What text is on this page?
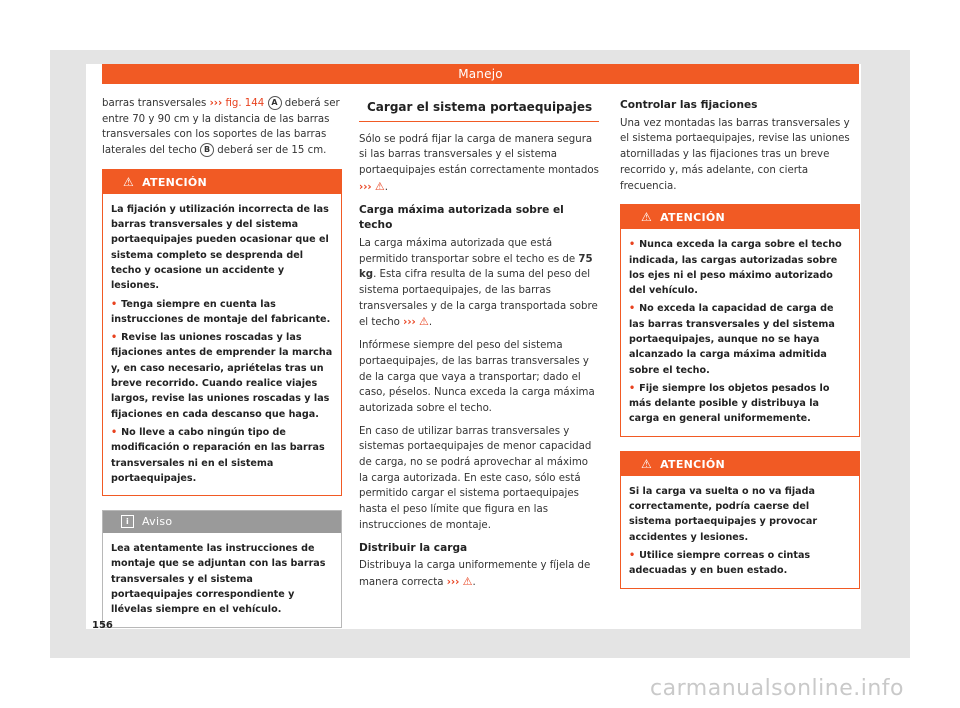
Manejo

barras transversales ››› fig. 144 A deberá ser entre 70 y 90 cm y la distancia de las barras transversales con los soportes de las barras laterales del techo B deberá ser de 15 cm.

⚠ ATENCIÓN

La fijación y utilización incorrecta de las barras transversales y del sistema portaequipajes pueden ocasionar que el sistema completo se desprenda del techo y ocasione un accidente y lesiones.

• Tenga siempre en cuenta las instrucciones de montaje del fabricante.

• Revise las uniones roscadas y las fijaciones antes de emprender la marcha y, en caso necesario, apriételas tras un breve recorrido. Cuando realice viajes largos, revise las uniones roscadas y las fijaciones en cada descanso que haga.

• No lleve a cabo ningún tipo de modificación o reparación en las barras transversales ni en el sistema portaequipajes.

i Aviso

Lea atentamente las instrucciones de montaje que se adjuntan con las barras transversales y el sistema portaequipajes correspondiente y llévelas siempre en el vehículo.

Cargar el sistema portaequipajes

Sólo se podrá fijar la carga de manera segura si las barras transversales y el sistema portaequipajes están correctamente montados ››› ⚠.

Carga máxima autorizada sobre el techo

La carga máxima autorizada que está permitido transportar sobre el techo es de 75 kg. Esta cifra resulta de la suma del peso del sistema portaequipajes, de las barras transversales y de la carga transportada sobre el techo ››› ⚠.

Infórmese siempre del peso del sistema portaequipajes, de las barras transversales y de la carga que vaya a transportar; dado el caso, péselos. Nunca exceda la carga máxima autorizada sobre el techo.

En caso de utilizar barras transversales y sistemas portaequipajes de menor capacidad de carga, no se podrá aprovechar al máximo la carga autorizada. En este caso, sólo está permitido cargar el sistema portaequipajes hasta el peso límite que figura en las instrucciones de montaje.

Distribuir la carga

Distribuya la carga uniformemente y fíjela de manera correcta ››› ⚠.

Controlar las fijaciones

Una vez montadas las barras transversales y el sistema portaequipajes, revise las uniones atornilladas y las fijaciones tras un breve recorrido y, más adelante, con cierta frecuencia.

⚠ ATENCIÓN

• Nunca exceda la carga sobre el techo indicada, las cargas autorizadas sobre los ejes ni el peso máximo autorizado del vehículo.

• No exceda la capacidad de carga de las barras transversales y del sistema portaequipajes, aunque no se haya alcanzado la carga máxima admitida sobre el techo.

• Fije siempre los objetos pesados lo más delante posible y distribuya la carga en general uniformemente.

⚠ ATENCIÓN

Si la carga va suelta o no va fijada correctamente, podría caerse del sistema portaequipajes y provocar accidentes y lesiones.

• Utilice siempre correas o cintas adecuadas y en buen estado.

156
carmanualsonline.info
